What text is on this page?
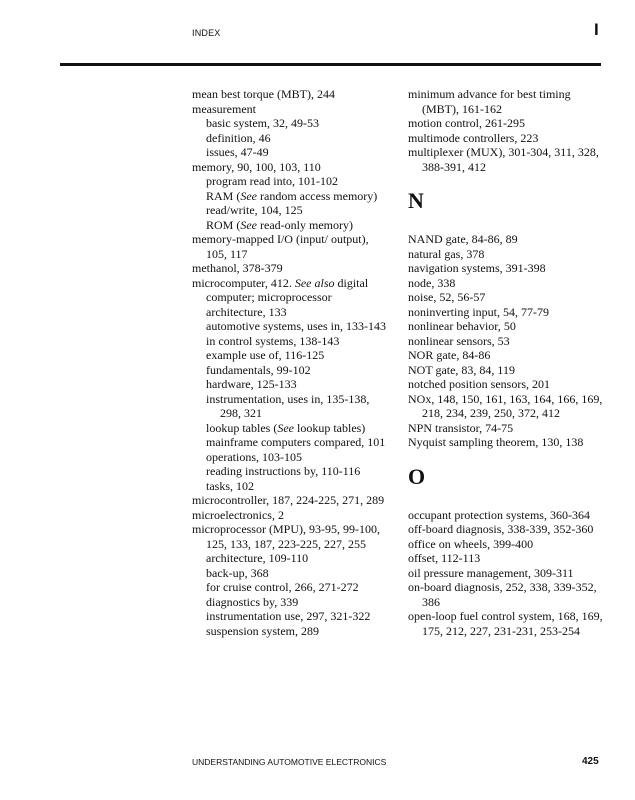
INDEX	I
mean best torque (MBT), 244
measurement
basic system, 32, 49-53
definition, 46
issues, 47-49
memory, 90, 100, 103, 110
program read into, 101-102
RAM (See random access memory)
read/write, 104, 125
ROM (See read-only memory)
memory-mapped I/O (input/ output), 105, 117
methanol, 378-379
microcomputer, 412. See also digital computer; microprocessor
architecture, 133
automotive systems, uses in, 133-143
in control systems, 138-143
example use of, 116-125
fundamentals, 99-102
hardware, 125-133
instrumentation, uses in, 135-138, 298, 321
lookup tables (See lookup tables)
mainframe computers compared, 101
operations, 103-105
reading instructions by, 110-116
tasks, 102
microcontroller, 187, 224-225, 271, 289
microelectronics, 2
microprocessor (MPU), 93-95, 99-100, 125, 133, 187, 223-225, 227, 255
architecture, 109-110
back-up, 368
for cruise control, 266, 271-272
diagnostics by, 339
instrumentation use, 297, 321-322
suspension system, 289
minimum advance for best timing (MBT), 161-162
motion control, 261-295
multimode controllers, 223
multiplexer (MUX), 301-304, 311, 328, 388-391, 412
N
NAND gate, 84-86, 89
natural gas, 378
navigation systems, 391-398
node, 338
noise, 52, 56-57
noninverting input, 54, 77-79
nonlinear behavior, 50
nonlinear sensors, 53
NOR gate, 84-86
NOT gate, 83, 84, 119
notched position sensors, 201
NOx, 148, 150, 161, 163, 164, 166, 169, 218, 234, 239, 250, 372, 412
NPN transistor, 74-75
Nyquist sampling theorem, 130, 138
O
occupant protection systems, 360-364
off-board diagnosis, 338-339, 352-360
office on wheels, 399-400
offset, 112-113
oil pressure management, 309-311
on-board diagnosis, 252, 338, 339-352, 386
open-loop fuel control system, 168, 169, 175, 212, 227, 231-231, 253-254
UNDERSTANDING AUTOMOTIVE ELECTRONICS	425
